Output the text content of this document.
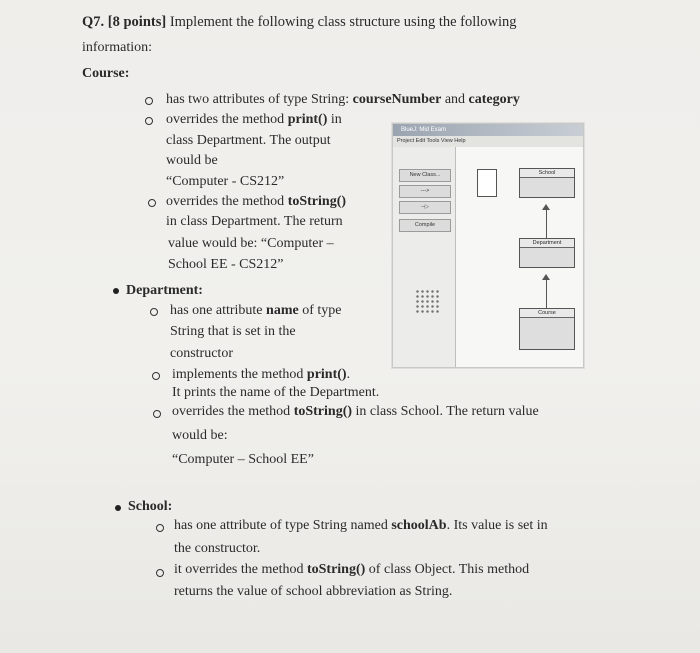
Q7. [8 points] Implement the following class structure using the following
information:
Course:
has two attributes of type String: courseNumber and category
overrides the method print() in
class Department. The output
would be
“Computer - CS212”
overrides the method toString()
in class Department. The return
value would be: “Computer –
School EE - CS212”
Department:
has one attribute name of type
String that is set in the
constructor
implements the method print().
It prints the name of the Department.
overrides the method toString() in class School. The return value
would be:
“Computer – School EE”
School:
has one attribute of type String named schoolAb. Its value is set in
the constructor.
it overrides the method toString() of class Object. This method
returns the value of school abbreviation as String.
BlueJ: Mid Exam
Project Edit Tools View Help
New Class...
--->
--▷
Compile
School
Department
Course
